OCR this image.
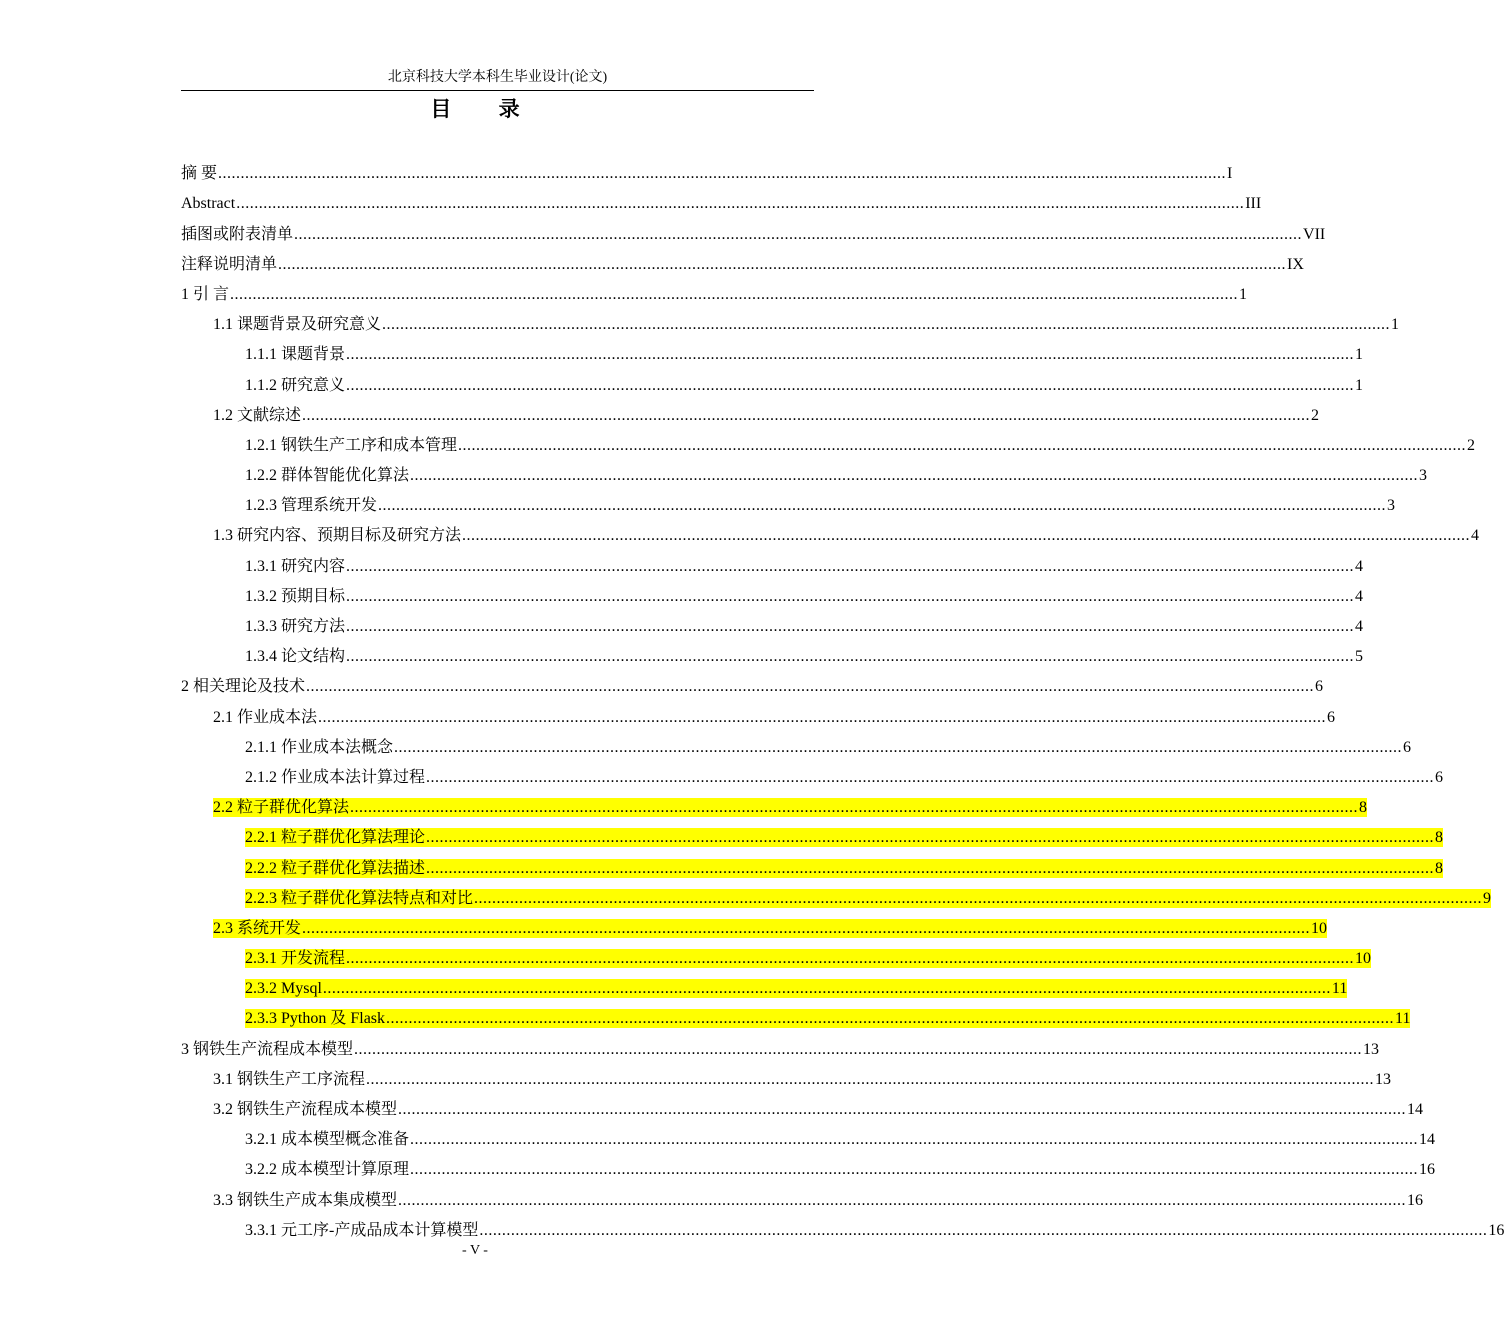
北京科技大学本科生毕业设计(论文)
目 录
摘 要 .....	I
Abstract .....	III
插图或附表清单 .....	VII
注释说明清单 .....	IX
1 引 言 .....	1
1.1 课题背景及研究意义 .....	1
1.1.1 课题背景 .....	1
1.1.2 研究意义 .....	1
1.2 文献综述 .....	2
1.2.1 钢铁生产工序和成本管理 .....	2
1.2.2 群体智能优化算法 .....	3
1.2.3 管理系统开发 .....	3
1.3 研究内容、预期目标及研究方法 .....	4
1.3.1 研究内容 .....	4
1.3.2 预期目标 .....	4
1.3.3 研究方法 .....	4
1.3.4 论文结构 .....	5
2 相关理论及技术 .....	6
2.1 作业成本法 .....	6
2.1.1 作业成本法概念 .....	6
2.1.2 作业成本法计算过程 .....	6
2.2 粒子群优化算法 .....	8
2.2.1 粒子群优化算法理论 .....	8
2.2.2 粒子群优化算法描述 .....	8
2.2.3 粒子群优化算法特点和对比 .....	9
2.3 系统开发 .....	10
2.3.1 开发流程 .....	10
2.3.2 Mysql .....	11
2.3.3 Python 及 Flask .....	11
3 钢铁生产流程成本模型 .....	13
3.1 钢铁生产工序流程 .....	13
3.2 钢铁生产流程成本模型 .....	14
3.2.1 成本模型概念准备 .....	14
3.2.2 成本模型计算原理 .....	16
3.3 钢铁生产成本集成模型 .....	16
3.3.1 元工序-产成品成本计算模型 .....	16
- V -
